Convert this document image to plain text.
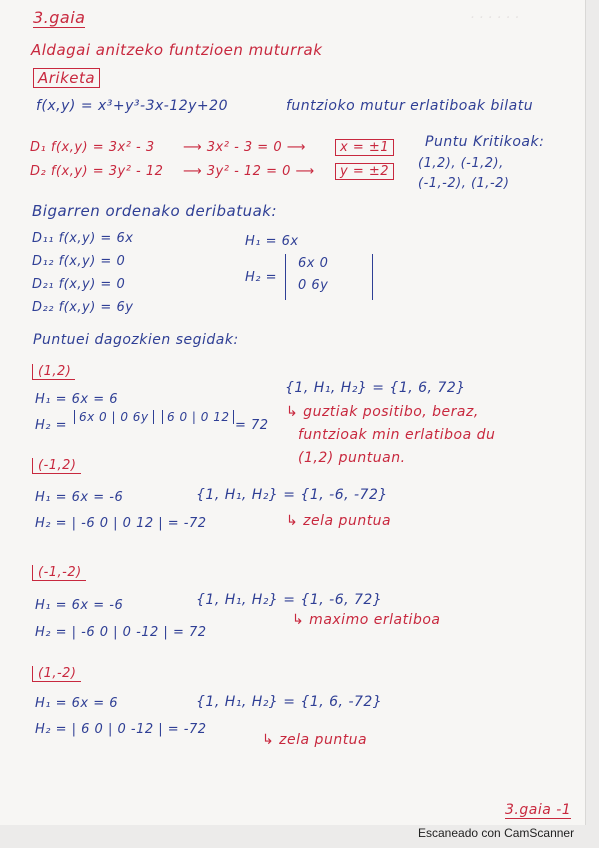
· · · · · ·
3.gaia
Aldagai anitzeko funtzioen muturrak
Ariketa
f(x,y) = x³+y³-3x-12y+20	funtzioko mutur erlatiboak bilatu
D₁ f(x,y) = 3x² - 3 ⟶ 3x² - 3 = 0 ⟶	x = ±1
D₂ f(x,y) = 3y² - 12 ⟶ 3y² - 12 = 0 ⟶	y = ±2
Puntu Kritikoak:
(1,2), (-1,2),
(-1,-2), (1,-2)
Bigarren ordenako deribatuak:
D₁₁ f(x,y) = 6x
D₁₂ f(x,y) = 0
D₂₁ f(x,y) = 0
D₂₂ f(x,y) = 6y
H₁ = 6x
H₂ =
6x 0
0 6y
Puntuei dagozkien segidak:
(1,2)
H₁ = 6x = 6
H₂ =
6x 0 | 0 6y	6 0 | 0 12
= 72
{1, H₁, H₂} = {1, 6, 72}
↳ guztiak positibo, beraz,
funtzioak min erlatiboa du
(1,2) puntuan.
(-1,2)
H₁ = 6x = -6
H₂ = | -6 0 | 0 12 | = -72
{1, H₁, H₂} = {1, -6, -72}
↳ zela puntua
(-1,-2)
H₁ = 6x = -6
H₂ = | -6 0 | 0 -12 | = 72
{1, H₁, H₂} = {1, -6, 72}
↳ maximo erlatiboa
(1,-2)
H₁ = 6x = 6
H₂ = | 6 0 | 0 -12 | = -72
{1, H₁, H₂} = {1, 6, -72}
↳ zela puntua
3.gaia -1
Escaneado con CamScanner
